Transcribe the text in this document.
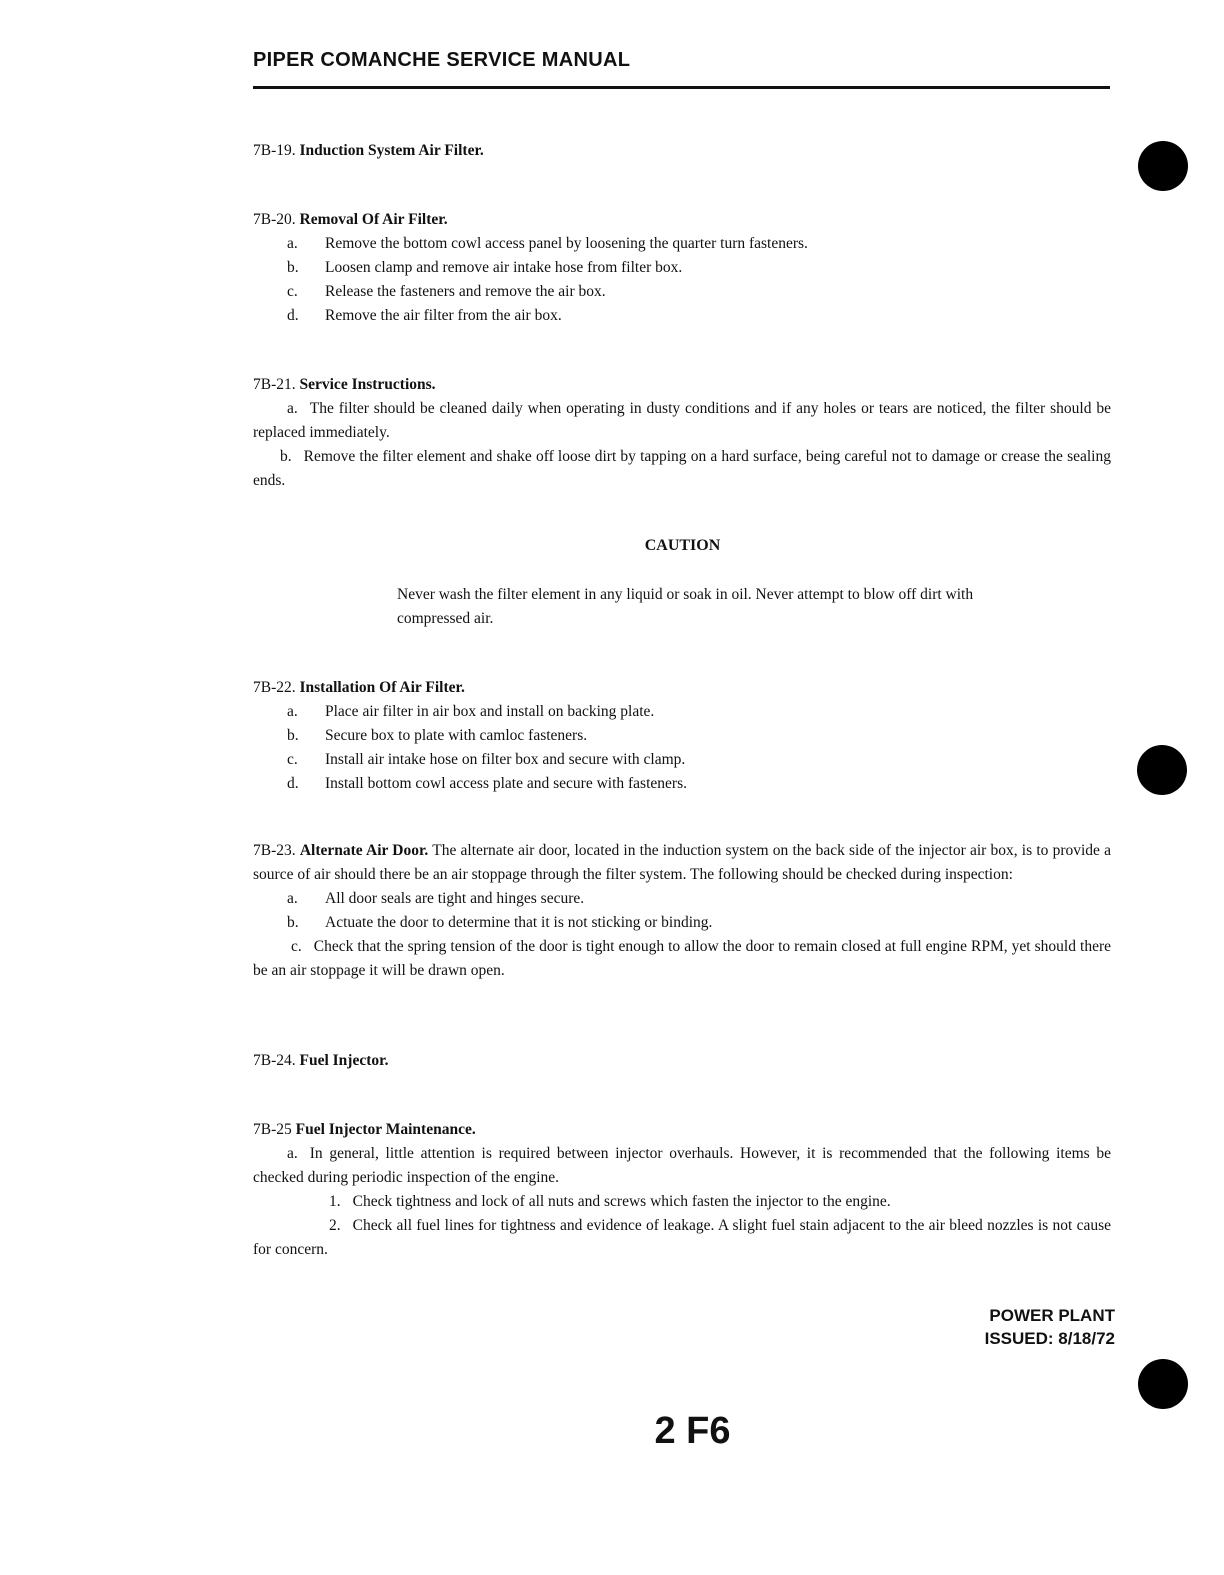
PIPER COMANCHE SERVICE MANUAL
7B-19. Induction System Air Filter.
7B-20. Removal Of Air Filter.
a.	Remove the bottom cowl access panel by loosening the quarter turn fasteners.
b.	Loosen clamp and remove air intake hose from filter box.
c.	Release the fasteners and remove the air box.
d.	Remove the air filter from the air box.
7B-21. Service Instructions.
a. The filter should be cleaned daily when operating in dusty conditions and if any holes or tears are noticed, the filter should be replaced immediately.
b. Remove the filter element and shake off loose dirt by tapping on a hard surface, being careful not to damage or crease the sealing ends.
CAUTION
Never wash the filter element in any liquid or soak in oil. Never attempt to blow off dirt with compressed air.
7B-22. Installation Of Air Filter.
a.	Place air filter in air box and install on backing plate.
b.	Secure box to plate with camloc fasteners.
c.	Install air intake hose on filter box and secure with clamp.
d.	Install bottom cowl access plate and secure with fasteners.
7B-23. Alternate Air Door. The alternate air door, located in the induction system on the back side of the injector air box, is to provide a source of air should there be an air stoppage through the filter system. The following should be checked during inspection:
a.	All door seals are tight and hinges secure.
b.	Actuate the door to determine that it is not sticking or binding.
c. Check that the spring tension of the door is tight enough to allow the door to remain closed at full engine RPM, yet should there be an air stoppage it will be drawn open.
7B-24. Fuel Injector.
7B-25 Fuel Injector Maintenance.
a. In general, little attention is required between injector overhauls. However, it is recommended that the following items be checked during periodic inspection of the engine.
1. Check tightness and lock of all nuts and screws which fasten the injector to the engine.
2. Check all fuel lines for tightness and evidence of leakage. A slight fuel stain adjacent to the air bleed nozzles is not cause for concern.
POWER PLANT
ISSUED: 8/18/72
2 F6
